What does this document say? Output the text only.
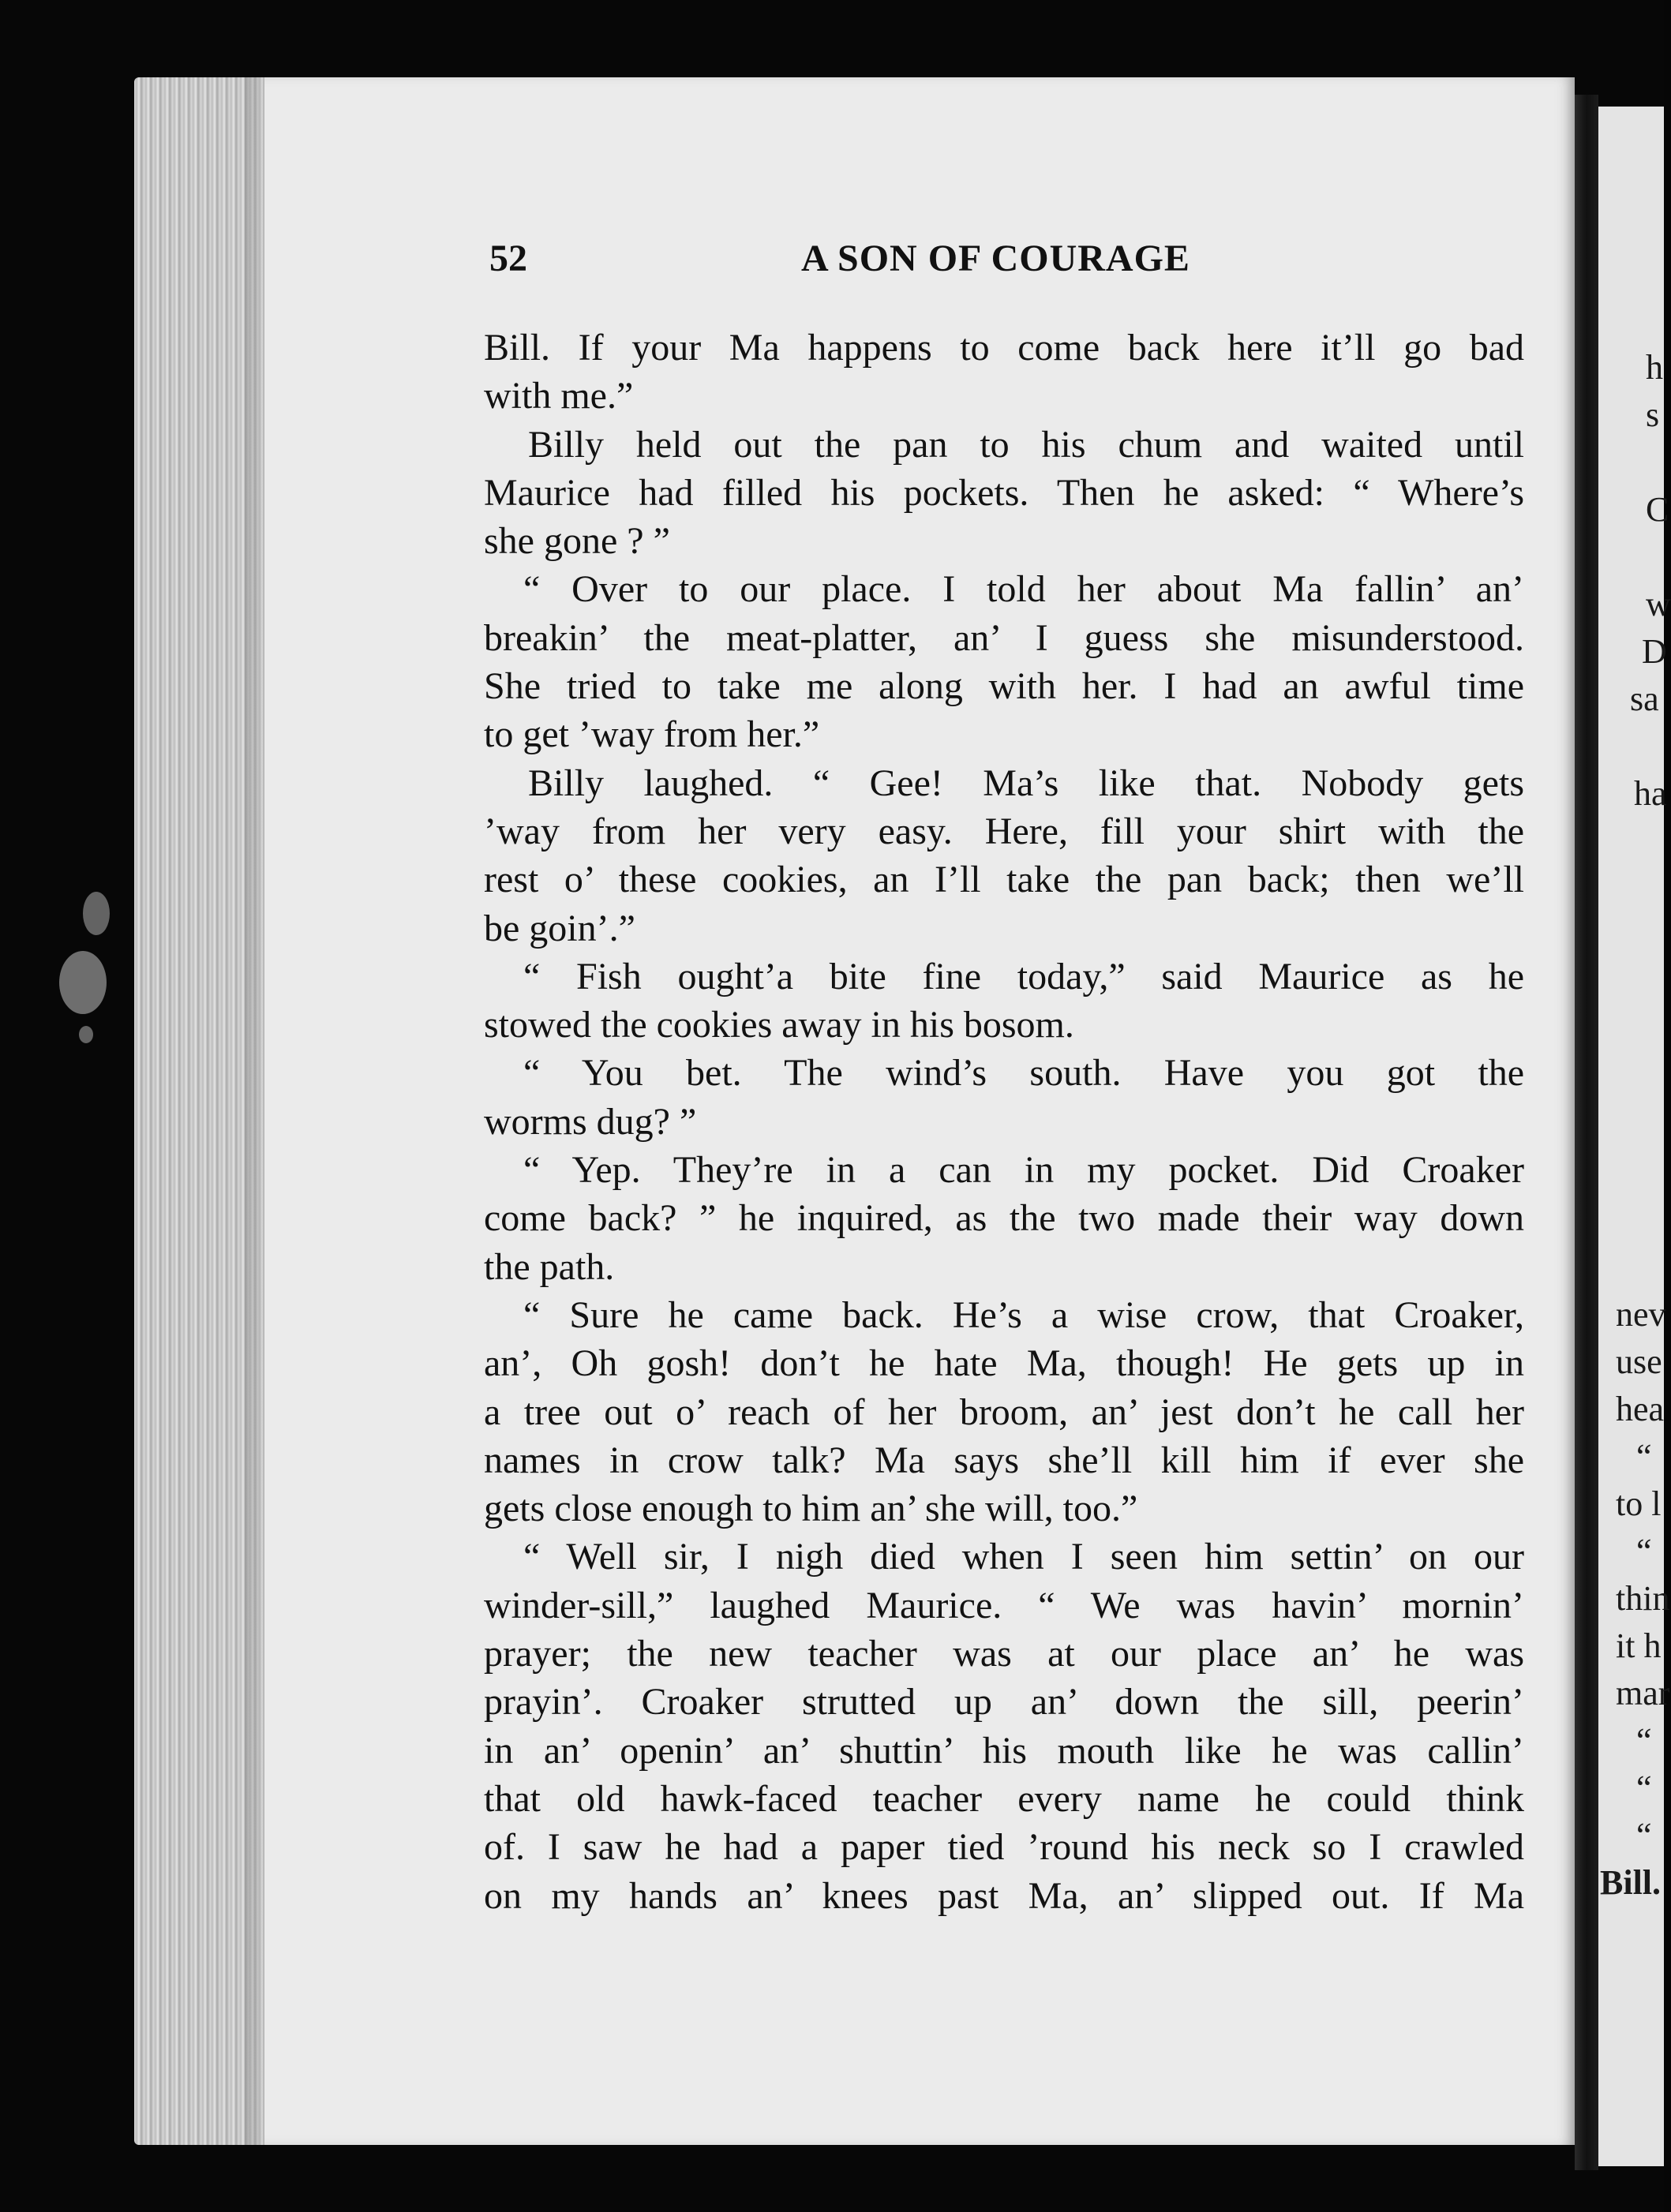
52	A SON OF COURAGE
Bill. If your Ma happens to come back here it’ll go bad
with me.”
Billy held out the pan to his chum and waited until
Maurice had filled his pockets. Then he asked: “ Where’s
she gone ? ”
“ Over to our place. I told her about Ma fallin’ an’
breakin’ the meat-platter, an’ I guess she misunderstood.
She tried to take me along with her. I had an awful time
to get ’way from her.”
Billy laughed. “ Gee! Ma’s like that. Nobody gets
’way from her very easy. Here, fill your shirt with the
rest o’ these cookies, an I’ll take the pan back; then we’ll
be goin’.”
“ Fish ought’a bite fine today,” said Maurice as he
stowed the cookies away in his bosom.
“ You bet. The wind’s south. Have you got the
worms dug? ”
“ Yep. They’re in a can in my pocket. Did Croaker
come back? ” he inquired, as the two made their way down
the path.
“ Sure he came back. He’s a wise crow, that Croaker,
an’, Oh gosh! don’t he hate Ma, though! He gets up in
a tree out o’ reach of her broom, an’ jest don’t he call her
names in crow talk? Ma says she’ll kill him if ever she
gets close enough to him an’ she will, too.”
“ Well sir, I nigh died when I seen him settin’ on our
winder-sill,” laughed Maurice. “ We was havin’ mornin’
prayer; the new teacher was at our place an’ he was
prayin’. Croaker strutted up an’ down the sill, peerin’
in an’ openin’ an’ shuttin’ his mouth like he was callin’
that old hawk-faced teacher every name he could think
of. I saw he had a paper tied ’round his neck so I crawled
on my hands an’ knees past Ma, an’ slipped out. If Ma
h
s
C
w
D
sa
ha
nev
use
hea
“
to l
“
thin
it h
mar
“
“
“
Bill.
